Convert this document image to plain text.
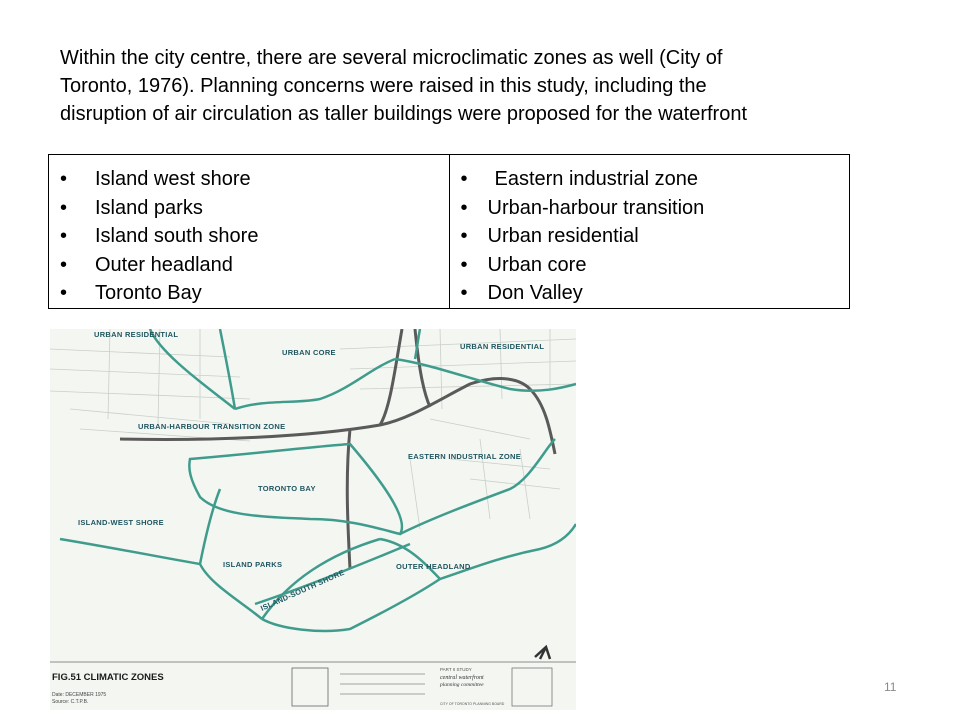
Within the city centre, there are several microclimatic zones as well (City of
Toronto, 1976). Planning concerns were raised in this study, including the
disruption of air circulation as taller buildings were proposed for the waterfront

• Island west shore
• Island parks
• Island south shore
• Outer headland
• Toronto Bay

• Eastern industrial zone
• Urban-harbour transition
• Urban residential
• Urban core
• Don Valley
URBAN RESIDENTIAL
URBAN CORE
URBAN RESIDENTIAL
URBAN-HARBOUR TRANSITION ZONE
EASTERN INDUSTRIAL ZONE
TORONTO BAY
ISLAND-WEST SHORE
ISLAND PARKS
ISLAND-SOUTH SHORE
OUTER HEADLAND
FIG.51 CLIMATIC ZONES
Date: DECEMBER 1975
Source: C.T.P.B.
PART II STUDY
central waterfront
planning committee
CITY OF TORONTO PLANNING BOARD
11
